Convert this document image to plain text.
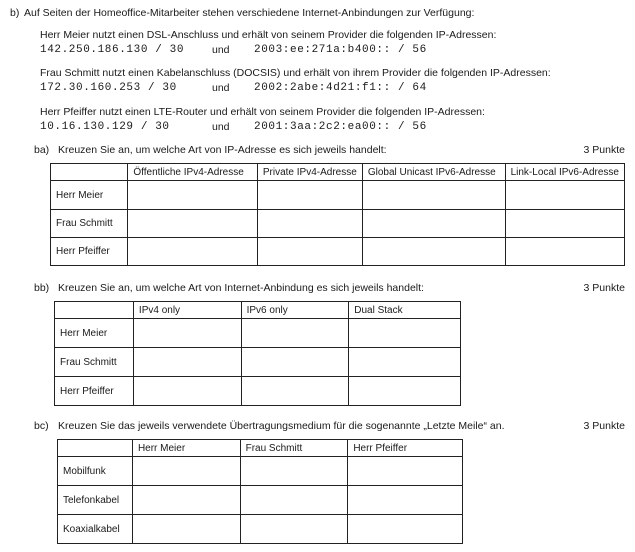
b) Auf Seiten der Homeoffice-Mitarbeiter stehen verschiedene Internet-Anbindungen zur Verfügung:
Herr Meier nutzt einen DSL-Anschluss und erhält von seinem Provider die folgenden IP-Adressen:
142.250.186.130 / 30	und 2003:ee:271a:b400:: / 56
Frau Schmitt nutzt einen Kabelanschluss (DOCSIS) und erhält von ihrem Provider die folgenden IP-Adressen:
172.30.160.253 / 30	und 2002:2abe:4d21:f1:: / 64
Herr Pfeiffer nutzt einen LTE-Router und erhält von seinem Provider die folgenden IP-Adressen:
10.16.130.129 / 30	und 2001:3aa:2c2:ea00:: / 56
ba) Kreuzen Sie an, um welche Art von IP-Adresse es sich jeweils handelt:	3 Punkte
	Öffentliche IPv4-Adresse	Private IPv4-Adresse	Global Unicast IPv6-Adresse	Link-Local IPv6-Adresse
Herr Meier				
Frau Schmitt				
Herr Pfeiffer				
bb) Kreuzen Sie an, um welche Art von Internet-Anbindung es sich jeweils handelt:	3 Punkte
	IPv4 only	IPv6 only	Dual Stack
Herr Meier			
Frau Schmitt			
Herr Pfeiffer			
bc) Kreuzen Sie das jeweils verwendete Übertragungsmedium für die sogenannte „Letzte Meile“ an.	3 Punkte
	Herr Meier	Frau Schmitt	Herr Pfeiffer
Mobilfunk			
Telefonkabel			
Koaxialkabel			
